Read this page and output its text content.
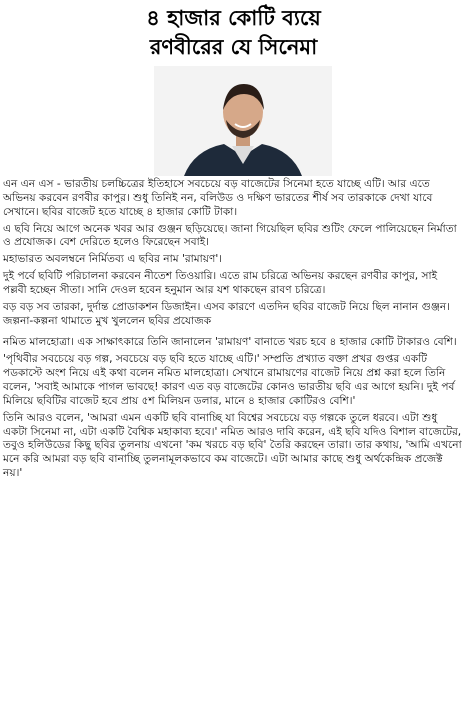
৪ হাজার কোটি ব্যয়ে
রণবীরের যে সিনেমা

এন এন এস - ভারতীয় চলচ্চিত্রের ইতিহাসে সবচেয়ে বড় বাজেটের সিনেমা হতে যাচ্ছে এটি। আর এতে অভিনয় করবেন রণবীর কাপুর। শুধু তিনিই নন, বলিউড ও দক্ষিণ ভারতের শীর্ষ সব তারকাকে দেখা যাবে সেখানে। ছবির বাজেট হতে যাচ্ছে ৪ হাজার কোটি টাকা।

এ ছবি নিয়ে আগে অনেক খবর আর গুঞ্জন ছড়িয়েছে। জানা গিয়েছিল ছবির শুটিং ফেলে পালিয়েছেন নির্মাতা ও প্রযোজক। বেশ দেরিতে হলেও ফিরেছেন সবাই।

মহাভারত অবলম্বনে নির্মিতব্য এ ছবির নাম 'রামায়ণ'।

দুই পর্বে ছবিটি পরিচালনা করবেন নীতেশ তিওয়ারি। এতে রাম চরিত্রে অভিনয় করছেন রণবীর কাপুর, সাই পল্লবী হচ্ছেন সীতা। সানি দেওল হবেন হনুমান আর যশ থাকছেন রাবণ চরিত্রে।

বড় বড় সব তারকা, দুর্দান্ত প্রোডাকশন ডিজাইন। এসব কারণে এতদিন ছবির বাজেট নিয়ে ছিল নানান গুঞ্জন। জল্পনা-কল্পনা থামাতে মুখ খুললেন ছবির প্রযোজক

নমিত মালহোত্রা। এক সাক্ষাৎকারে তিনি জানালেন 'রামায়ণ' বানাতে খরচ হবে ৪ হাজার কোটি টাকারও বেশি।

'পৃথিবীর সবচেয়ে বড় গল্প, সবচেয়ে বড় ছবি হতে যাচ্ছে এটি।' সম্প্রতি প্রখ্যাত বক্তা প্রখর গুপ্তর একটি পডকাস্টে অংশ নিয়ে এই কথা বলেন নমিত মালহোত্রা। সেখানে রামায়ণের বাজেট নিয়ে প্রশ্ন করা হলে তিনি বলেন, 'সবাই আমাকে পাগল ভাবছে! কারণ এত বড় বাজেটের কোনও ভারতীয় ছবি এর আগে হয়নি। দুই পর্ব মিলিয়ে ছবিটির বাজেট হবে প্রায় ৫শ মিলিয়ন ডলার, মানে ৪ হাজার কোটিরও বেশি।'

তিনি আরও বলেন, 'আমরা এমন একটি ছবি বানাচ্ছি যা বিশ্বের সবচেয়ে বড় গল্পকে তুলে ধরবে। এটা শুধু একটা সিনেমা না, এটা একটি বৈশ্বিক মহাকাব্য হবে।' নমিত আরও দাবি করেন, এই ছবি যদিও বিশাল বাজেটের, তবুও হলিউডের কিছু ছবির তুলনায় এখনো 'কম খরচে বড় ছবি' তৈরি করছেন তারা। তার কথায়, 'আমি এখনো মনে করি আমরা বড় ছবি বানাচ্ছি তুলনামূলকভাবে কম বাজেটে। এটা আমার কাছে শুধু অর্থকেন্দ্রিক প্রজেক্ট নয়।'
